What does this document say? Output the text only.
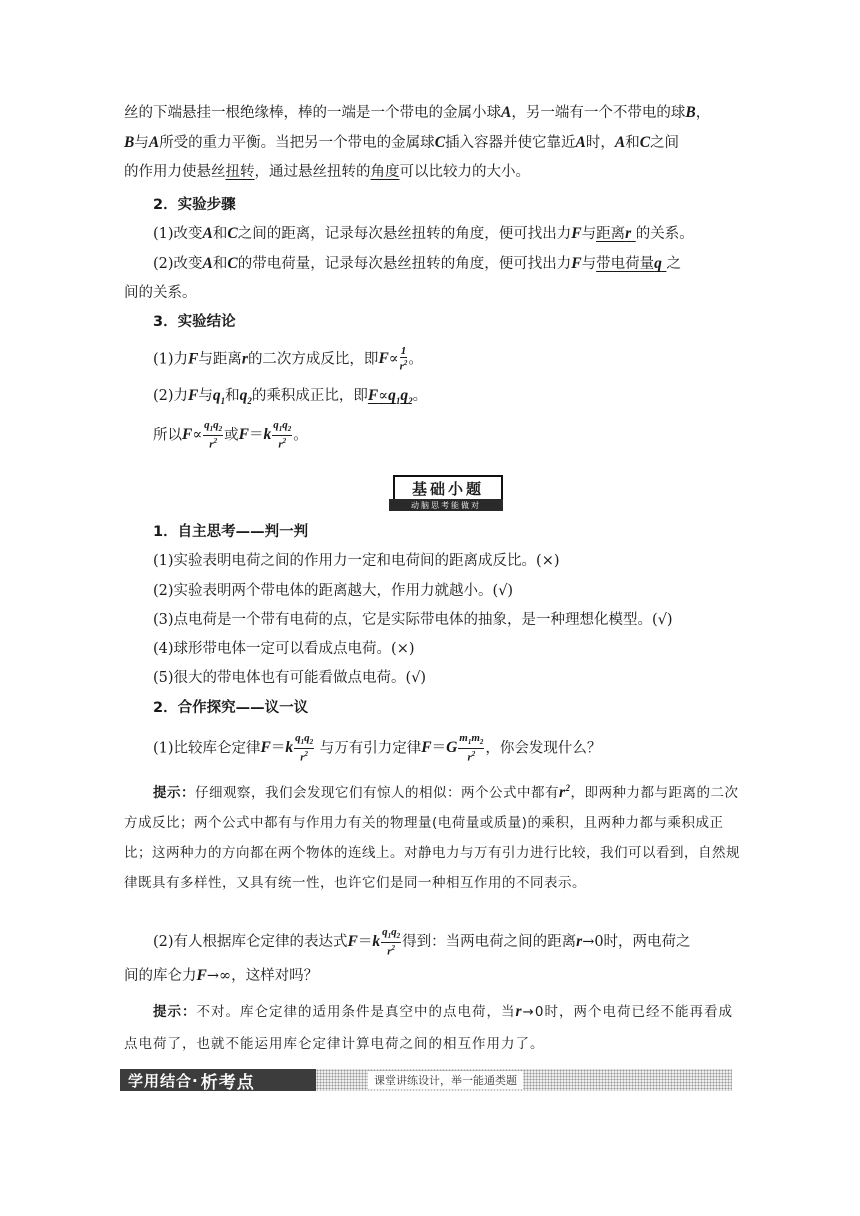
丝的下端悬挂一根绝缘棒，棒的一端是一个带电的金属小球A，另一端有一个不带电的球B，
B与A所受的重力平衡。当把另一个带电的金属球C插入容器并使它靠近A时，A和C之间
的作用力使悬丝扭转，通过悬丝扭转的角度可以比较力的大小。
2．实验步骤
(1)改变A和C之间的距离，记录每次悬丝扭转的角度，便可找出力F与距离r 的关系。
(2)改变A和C的带电荷量，记录每次悬丝扭转的角度，便可找出力F与带电荷量q 之
间的关系。
3．实验结论
(1)力F与距离r的二次方成反比，即$F\propto \frac{1}{r^2}$ 。
(2)力F与$q_1$和$q_2$的乘积成正比，即$F\propto q_1q_2$。
所以$F\propto \frac{q_1q_2}{r^2}$ 或$F=k \frac{q_1q_2}{r^2}$ 。
基础小题
动脑思考能做对
1．自主思考——判一判
(1)实验表明电荷之间的作用力一定和电荷间的距离成反比。(×)
(2)实验表明两个带电体的距离越大，作用力就越小。(√)
(3)点电荷是一个带有电荷的点，它是实际带电体的抽象，是一种理想化模型。(√)
(4)球形带电体一定可以看成点电荷。(×)
(5)很大的带电体也有可能看做点电荷。(√)
2．合作探究——议一议
(1)比较库仑定律$F=k \frac{q_1q_2}{r^2}$ 与万有引力定律$F=G \frac{m_1m_2}{r^2}$ ，你会发现什么？
提示：仔细观察，我们会发现它们有惊人的相似：两个公式中都有$r^2$，即两种力都与距离的二次方成反比；两个公式中都有与作用力有关的物理量(电荷量或质量)的乘积，且两种力都与乘积成正比；这两种力的方向都在两个物体的连线上。对静电力与万有引力进行比较，我们可以看到，自然规律既具有多样性，又具有统一性，也许它们是同一种相互作用的不同表示。
(2)有人根据库仑定律的表达式$F=k \frac{q_1q_2}{r^2}$ 得到：当两电荷之间的距离r→0时，两电荷之
间的库仑力F→∞，这样对吗？
提示：不对。库仑定律的适用条件是真空中的点电荷，当r→0时，两个电荷已经不能再看成点电荷了，也就不能运用库仑定律计算电荷之间的相互作用力了。
学用结合· 析考点	课堂讲练设计，举一能通类题
